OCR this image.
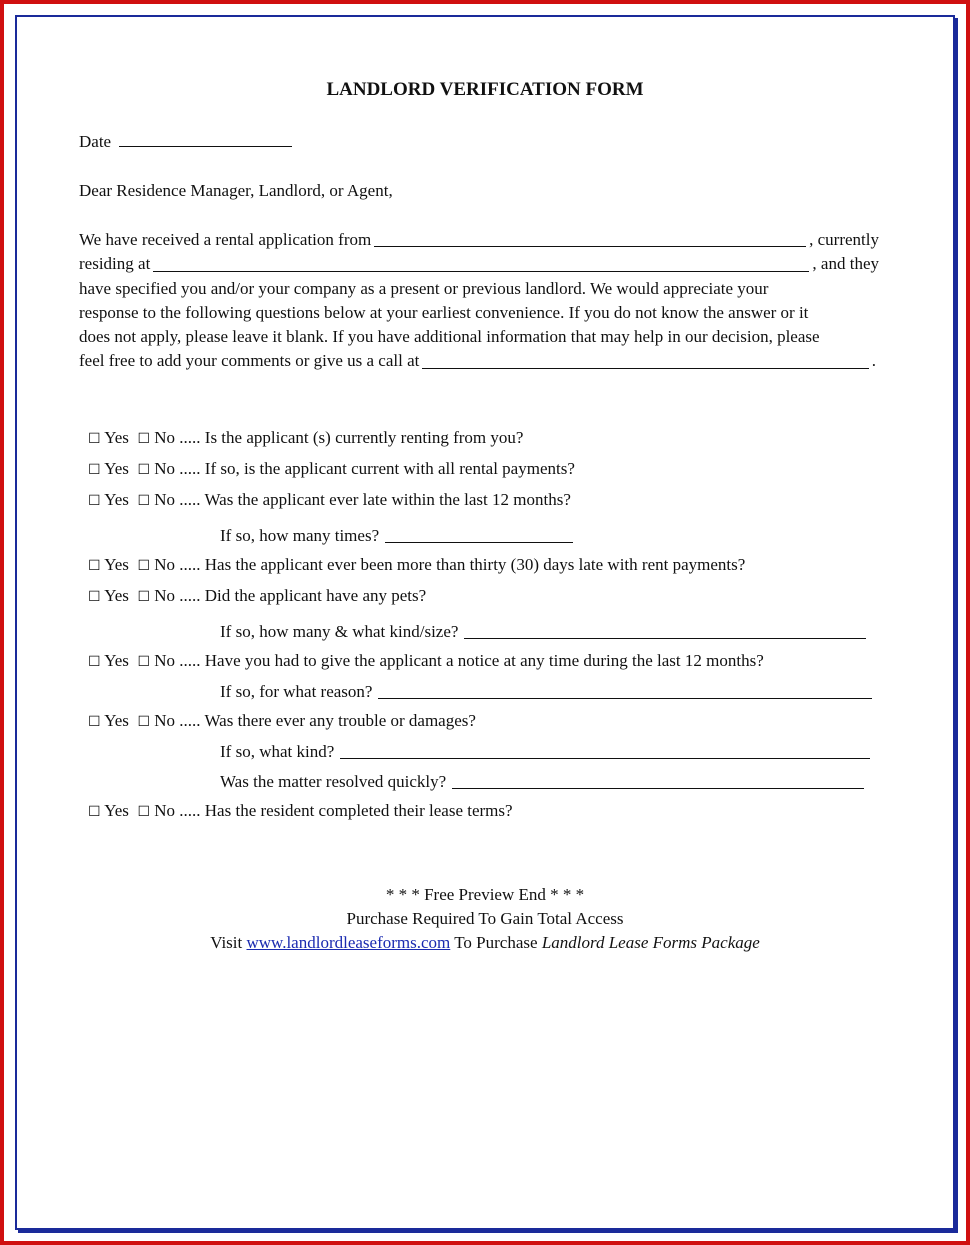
LANDLORD VERIFICATION FORM
Date
Dear Residence Manager, Landlord, or Agent,
We have received a rental application from	, currently
residing at	, and they
have specified you and/or your company as a present or previous landlord. We would appreciate your
response to the following questions below at your earliest convenience. If you do not know the answer or it
does not apply, please leave it blank. If you have additional information that may help in our decision, please
feel free to add your comments or give us a call at	.
☐ Yes ☐ No ..... Is the applicant (s) currently renting from you?
☐ Yes ☐ No ..... If so, is the applicant current with all rental payments?
☐ Yes ☐ No ..... Was the applicant ever late within the last 12 months?
If so, how many times?
☐ Yes ☐ No ..... Has the applicant ever been more than thirty (30) days late with rent payments?
☐ Yes ☐ No ..... Did the applicant have any pets?
If so, how many & what kind/size?
☐ Yes ☐ No ..... Have you had to give the applicant a notice at any time during the last 12 months?
If so, for what reason?
☐ Yes ☐ No ..... Was there ever any trouble or damages?
If so, what kind?
Was the matter resolved quickly?
☐ Yes ☐ No ..... Has the resident completed their lease terms?
* * * Free Preview End * * *
Purchase Required To Gain Total Access
Visit www.landlordleaseforms.com To Purchase Landlord Lease Forms Package
